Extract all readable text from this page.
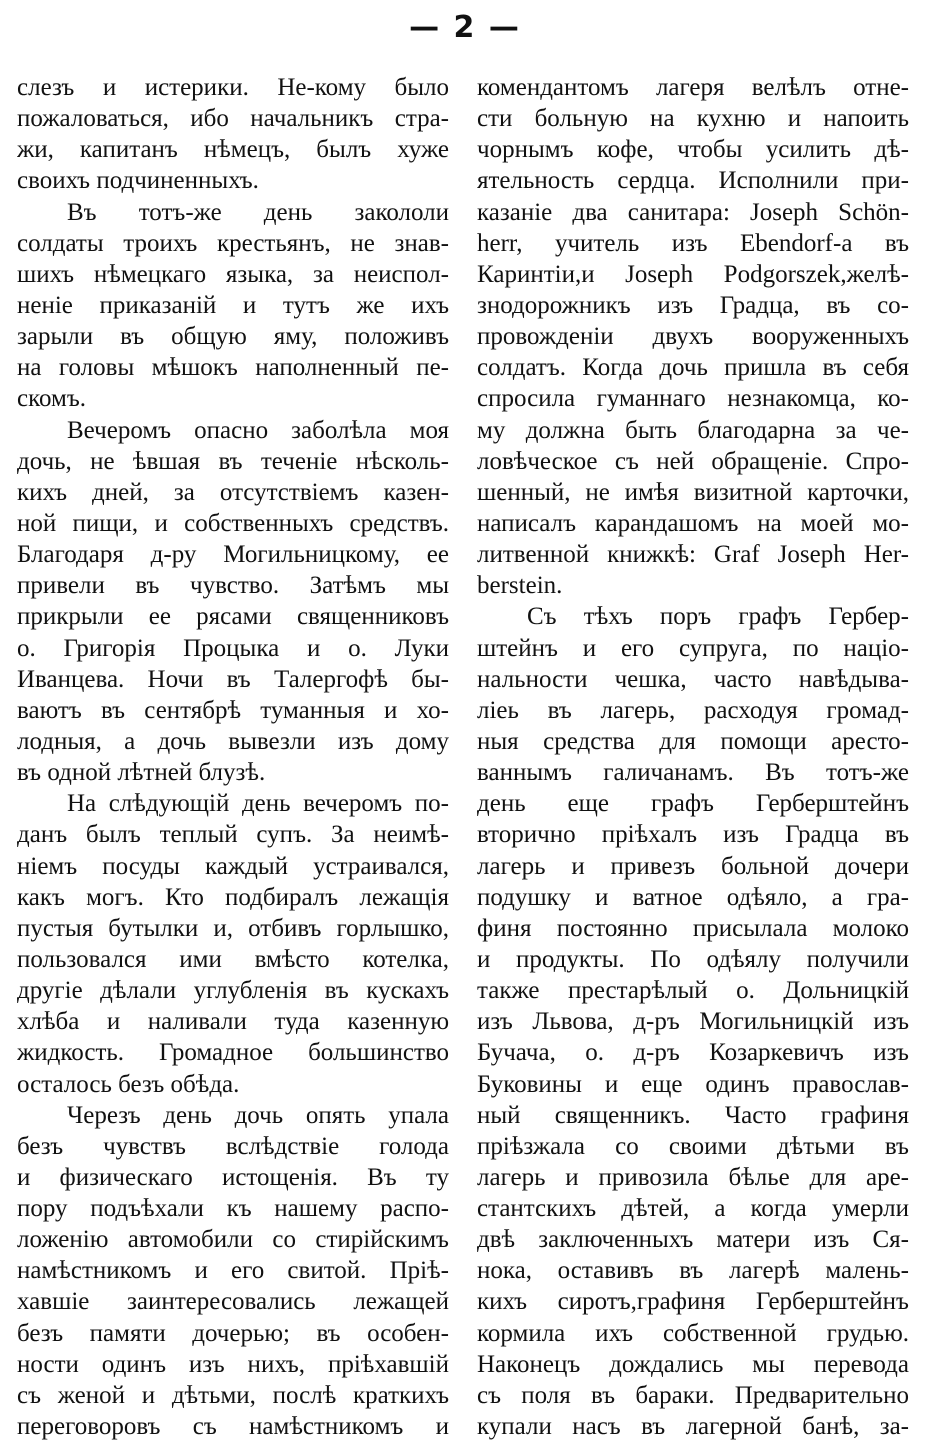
— 2 —
слезъ и истерики. Не-кому было
пожаловаться, ибо начальникъ стра-
жи, капитанъ нѣмецъ, былъ хуже
своихъ подчиненныхъ.
Въ тотъ-же день закололи
солдаты троихъ крестьянъ, не знав-
шихъ нѣмецкаго языка, за неиспол-
неніе приказаній и тутъ же ихъ
зарыли въ общую яму, положивъ
на головы мѣшокъ наполненный пе-
скомъ.
Вечеромъ опасно заболѣла моя
дочь, не ѣвшая въ теченіе нѣсколь-
кихъ дней, за отсутствіемъ казен-
ной пищи, и собственныхъ средствъ.
Благодаря д-ру Могильницкому, ее
привели въ чувство. Затѣмъ мы
прикрыли ее рясами священниковъ
о. Григорія Процыка и о. Луки
Иванцева. Ночи въ Талергофѣ бы-
ваютъ въ сентябрѣ туманныя и хо-
лодныя, а дочь вывезли изъ дому
въ одной лѣтней блузѣ.
На слѣдующій день вечеромъ по-
данъ былъ теплый супъ. За неимѣ-
ніемъ посуды каждый устраивался,
какъ могъ. Кто подбиралъ лежащія
пустыя бутылки и, отбивъ горлышко,
пользовался ими вмѣсто котелка,
другіе дѣлали углубленія въ кускахъ
хлѣба и наливали туда казенную
жидкость. Громадное большинство
осталось безъ обѣда.
Черезъ день дочь опять упала
безъ чувствъ вслѣдствіе голода
и физическаго истощенія. Въ ту
пору подъѣхали къ нашему распо-
ложенію автомобили со стирійскимъ
намѣстникомъ и его свитой. Пріѣ-
хавшіе заинтересовались лежащей
безъ памяти дочерью; въ особен-
ности одинъ изъ нихъ, пріѣхавшій
съ женой и дѣтьми, послѣ краткихъ
переговоровъ съ намѣстникомъ и
комендантомъ лагеря велѣлъ отне-
сти больную на кухню и напоить
чорнымъ кофе, чтобы усилить дѣ-
ятельность сердца. Исполнили при-
казаніе два санитара: Joseph Schön-
herr, учитель изъ Ebendorf-а въ
Каринтіи,и Joseph Podgorszek,желѣ-
знодорожникъ изъ Градца, въ со-
провожденіи двухъ вооруженныхъ
солдатъ. Когда дочь пришла въ себя
спросила гуманнаго незнакомца, ко-
му должна быть благодарна за че-
ловѣческое съ ней обращеніе. Спро-
шенный, не имѣя визитной карточки,
написалъ карандашомъ на моей мо-
литвенной книжкѣ: Graf Joseph Her-
berstein.
Съ тѣхъ поръ графъ Гербер-
штейнъ и его супруга, по націо-
нальности чешка, часто навѣдыва-
ліеь въ лагерь, расходуя громад-
ныя средства для помощи аресто-
ваннымъ галичанамъ. Въ тотъ-же
день еще графъ Герберштейнъ
вторично пріѣхалъ изъ Градца въ
лагерь и привезъ больной дочери
подушку и ватное одѣяло, а гра-
финя постоянно присылала молоко
и продукты. По одѣялу получили
также престарѣлый о. Дольницкій
изъ Львова, д-ръ Могильницкій изъ
Бучача, о. д-ръ Козаркевичъ изъ
Буковины и еще одинъ православ-
ный священникъ. Часто графиня
пріѣзжала со своими дѣтьми въ
лагерь и привозила бѣлье для аре-
стантскихъ дѣтей, а когда умерли
двѣ заключенныхъ матери изъ Ся-
нока, оставивъ въ лагерѣ малень-
кихъ сиротъ,графиня Герберштейнъ
кормила ихъ собственной грудью.
Наконецъ дождались мы перевода
съ поля въ бараки. Предварительно
купали насъ въ лагерной банѣ, за-
